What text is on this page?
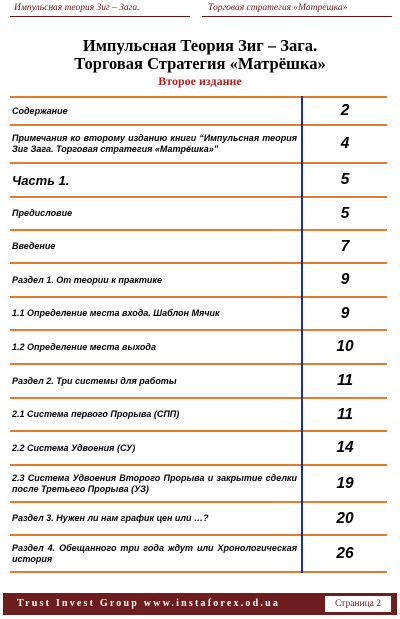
Импульсная теория Зиг – Зага.	Торговая стратегия «Матрёшка»
Импульсная Теория Зиг – Зага.
Торговая Стратегия «Матрёшка»
Второе издание
Содержание	2
Примечания ко второму изданию книги “Импульсная теория Зиг Зага. Торговая стратегия «Матрёшка»”	4
Часть 1.	5
Предисловие	5
Введение	7
Раздел 1. От теории к практике	9
1.1 Определение места входа. Шаблон Мячик	9
1.2 Определение места выхода	10
Раздел 2. Три системы для работы	11
2.1 Система первого Прорыва (СПП)	11
2.2 Система Удвоения (СУ)	14
2.3 Система Удвоения Второго Прорыва и закрытие сделки после Третьего Прорыва (УЗ)	19
Раздел 3. Нужен ли нам график цен или …?	20
Раздел 4. Обещанного три года ждут или Хронологическая история	26
Trust Invest Group www.instaforex.od.ua	Страница 2
